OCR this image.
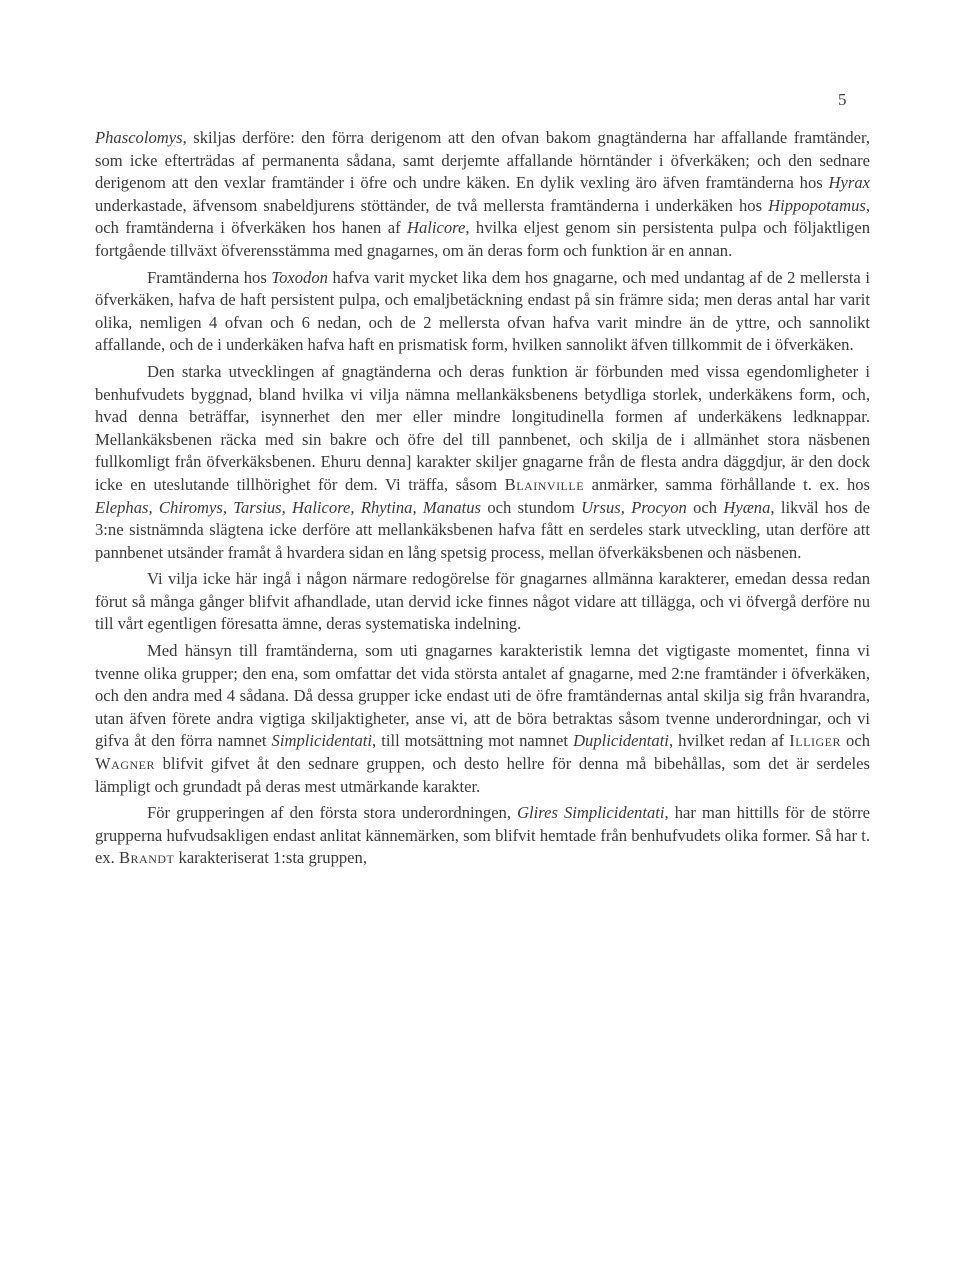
5

Phascolomys, skiljas derföre: den förra derigenom att den ofvan bakom gnagtänderna har affallande framtänder, som icke efterträdas af permanenta sådana, samt derjemte affallande hörntänder i öfverkäken; och den sednare derigenom att den vexlar framtänder i öfre och undre käken. En dylik vexling äro äfven framtänderna hos Hyrax underkastade, äfvensom snabeldjurens stöttänder, de två mellersta framtänderna i underkäken hos Hippopotamus, och framtänderna i öfverkäken hos hanen af Halicore, hvilka eljest genom sin persistenta pulpa och följaktligen fortgående tillväxt öfverensstämma med gnagarnes, om än deras form och funktion är en annan.

Framtänderna hos Toxodon hafva varit mycket lika dem hos gnagarne, och med undantag af de 2 mellersta i öfverkäken, hafva de haft persistent pulpa, och emaljbetäckning endast på sin främre sida; men deras antal har varit olika, nemligen 4 ofvan och 6 nedan, och de 2 mellersta ofvan hafva varit mindre än de yttre, och sannolikt affallande, och de i underkäken hafva haft en prismatisk form, hvilken sannolikt äfven tillkommit de i öfverkäken.

Den starka utvecklingen af gnagtänderna och deras funktion är förbunden med vissa egendomligheter i benhufvudets byggnad, bland hvilka vi vilja nämna mellankäksbenens betydliga storlek, underkäkens form, och, hvad denna beträffar, isynnerhet den mer eller mindre longitudinella formen af underkäkens ledknappar. Mellankäksbenen räcka med sin bakre och öfre del till pannbenet, och skilja de i allmänhet stora näsbenen fullkomligt från öfverkäksbenen. Ehuru denna] karakter skiljer gnagarne från de flesta andra däggdjur, är den dock icke en uteslutande tillhörighet för dem. Vi träffa, såsom Blainville anmärker, samma förhållande t. ex. hos Elephas, Chiromys, Tarsius, Halicore, Rhytina, Manatus och stundom Ursus, Procyon och Hyæna, likväl hos de 3:ne sistnämnda slägtena icke derföre att mellankäksbenen hafva fått en serdeles stark utveckling, utan derföre att pannbenet utsänder framåt å hvardera sidan en lång spetsig process, mellan öfverkäksbenen och näsbenen.

Vi vilja icke här ingå i någon närmare redogörelse för gnagarnes allmänna karakterer, emedan dessa redan förut så många gånger blifvit afhandlade, utan dervid icke finnes något vidare att tillägga, och vi öfvergå derföre nu till vårt egentligen föresatta ämne, deras systematiska indelning.

Med hänsyn till framtänderna, som uti gnagarnes karakteristik lemna det vigtigaste momentet, finna vi tvenne olika grupper; den ena, som omfattar det vida största antalet af gnagarne, med 2:ne framtänder i öfverkäken, och den andra med 4 sådana. Då dessa grupper icke endast uti de öfre framtändernas antal skilja sig från hvarandra, utan äfven förete andra vigtiga skiljaktigheter, anse vi, att de böra betraktas såsom tvenne underordningar, och vi gifva åt den förra namnet Simplicidentati, till motsättning mot namnet Duplicidentati, hvilket redan af Illiger och Wagner blifvit gifvet åt den sednare gruppen, och desto hellre för denna må bibehållas, som det är serdeles lämpligt och grundadt på deras mest utmärkande karakter.

För grupperingen af den första stora underordningen, Glires Simplicidentati, har man hittills för de större grupperna hufvudsakligen endast anlitat kännemärken, som blifvit hemtade från benhufvudets olika former. Så har t. ex. Brandt karakteriserat 1:sta gruppen,
